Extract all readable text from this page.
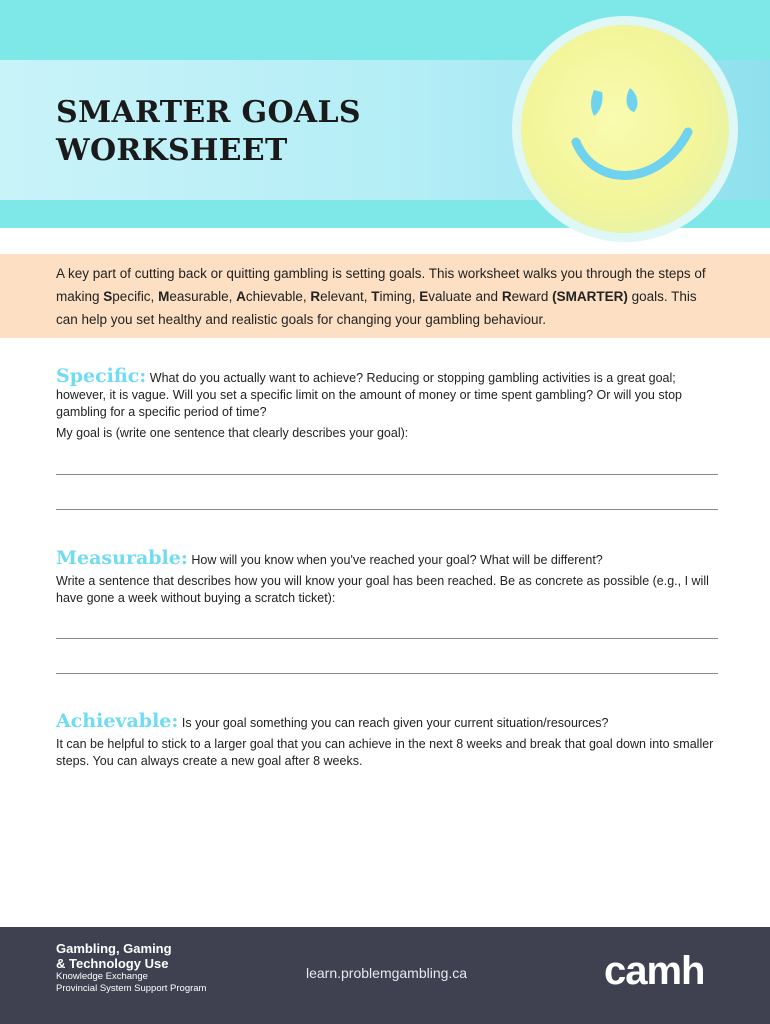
SMARTER GOALS
WORKSHEET

A key part of cutting back or quitting gambling is setting goals. This worksheet walks you through the steps of making Specific, Measurable, Achievable, Relevant, Timing, Evaluate and Reward (SMARTER) goals. This can help you set healthy and realistic goals for changing your gambling behaviour.

Specific: What do you actually want to achieve? Reducing or stopping gambling activities is a great goal; however, it is vague. Will you set a specific limit on the amount of money or time spent gambling? Or will you stop gambling for a specific period of time?

My goal is (write one sentence that clearly describes your goal):

Measurable: How will you know when you've reached your goal? What will be different?

Write a sentence that describes how you will know your goal has been reached. Be as concrete as possible (e.g., I will have gone a week without buying a scratch ticket):

Achievable: Is your goal something you can reach given your current situation/resources?

It can be helpful to stick to a larger goal that you can achieve in the next 8 weeks and break that goal down into smaller steps. You can always create a new goal after 8 weeks.

Gambling, Gaming
& Technology Use
Knowledge Exchange
Provincial System Support Program
learn.problemgambling.ca	camh
